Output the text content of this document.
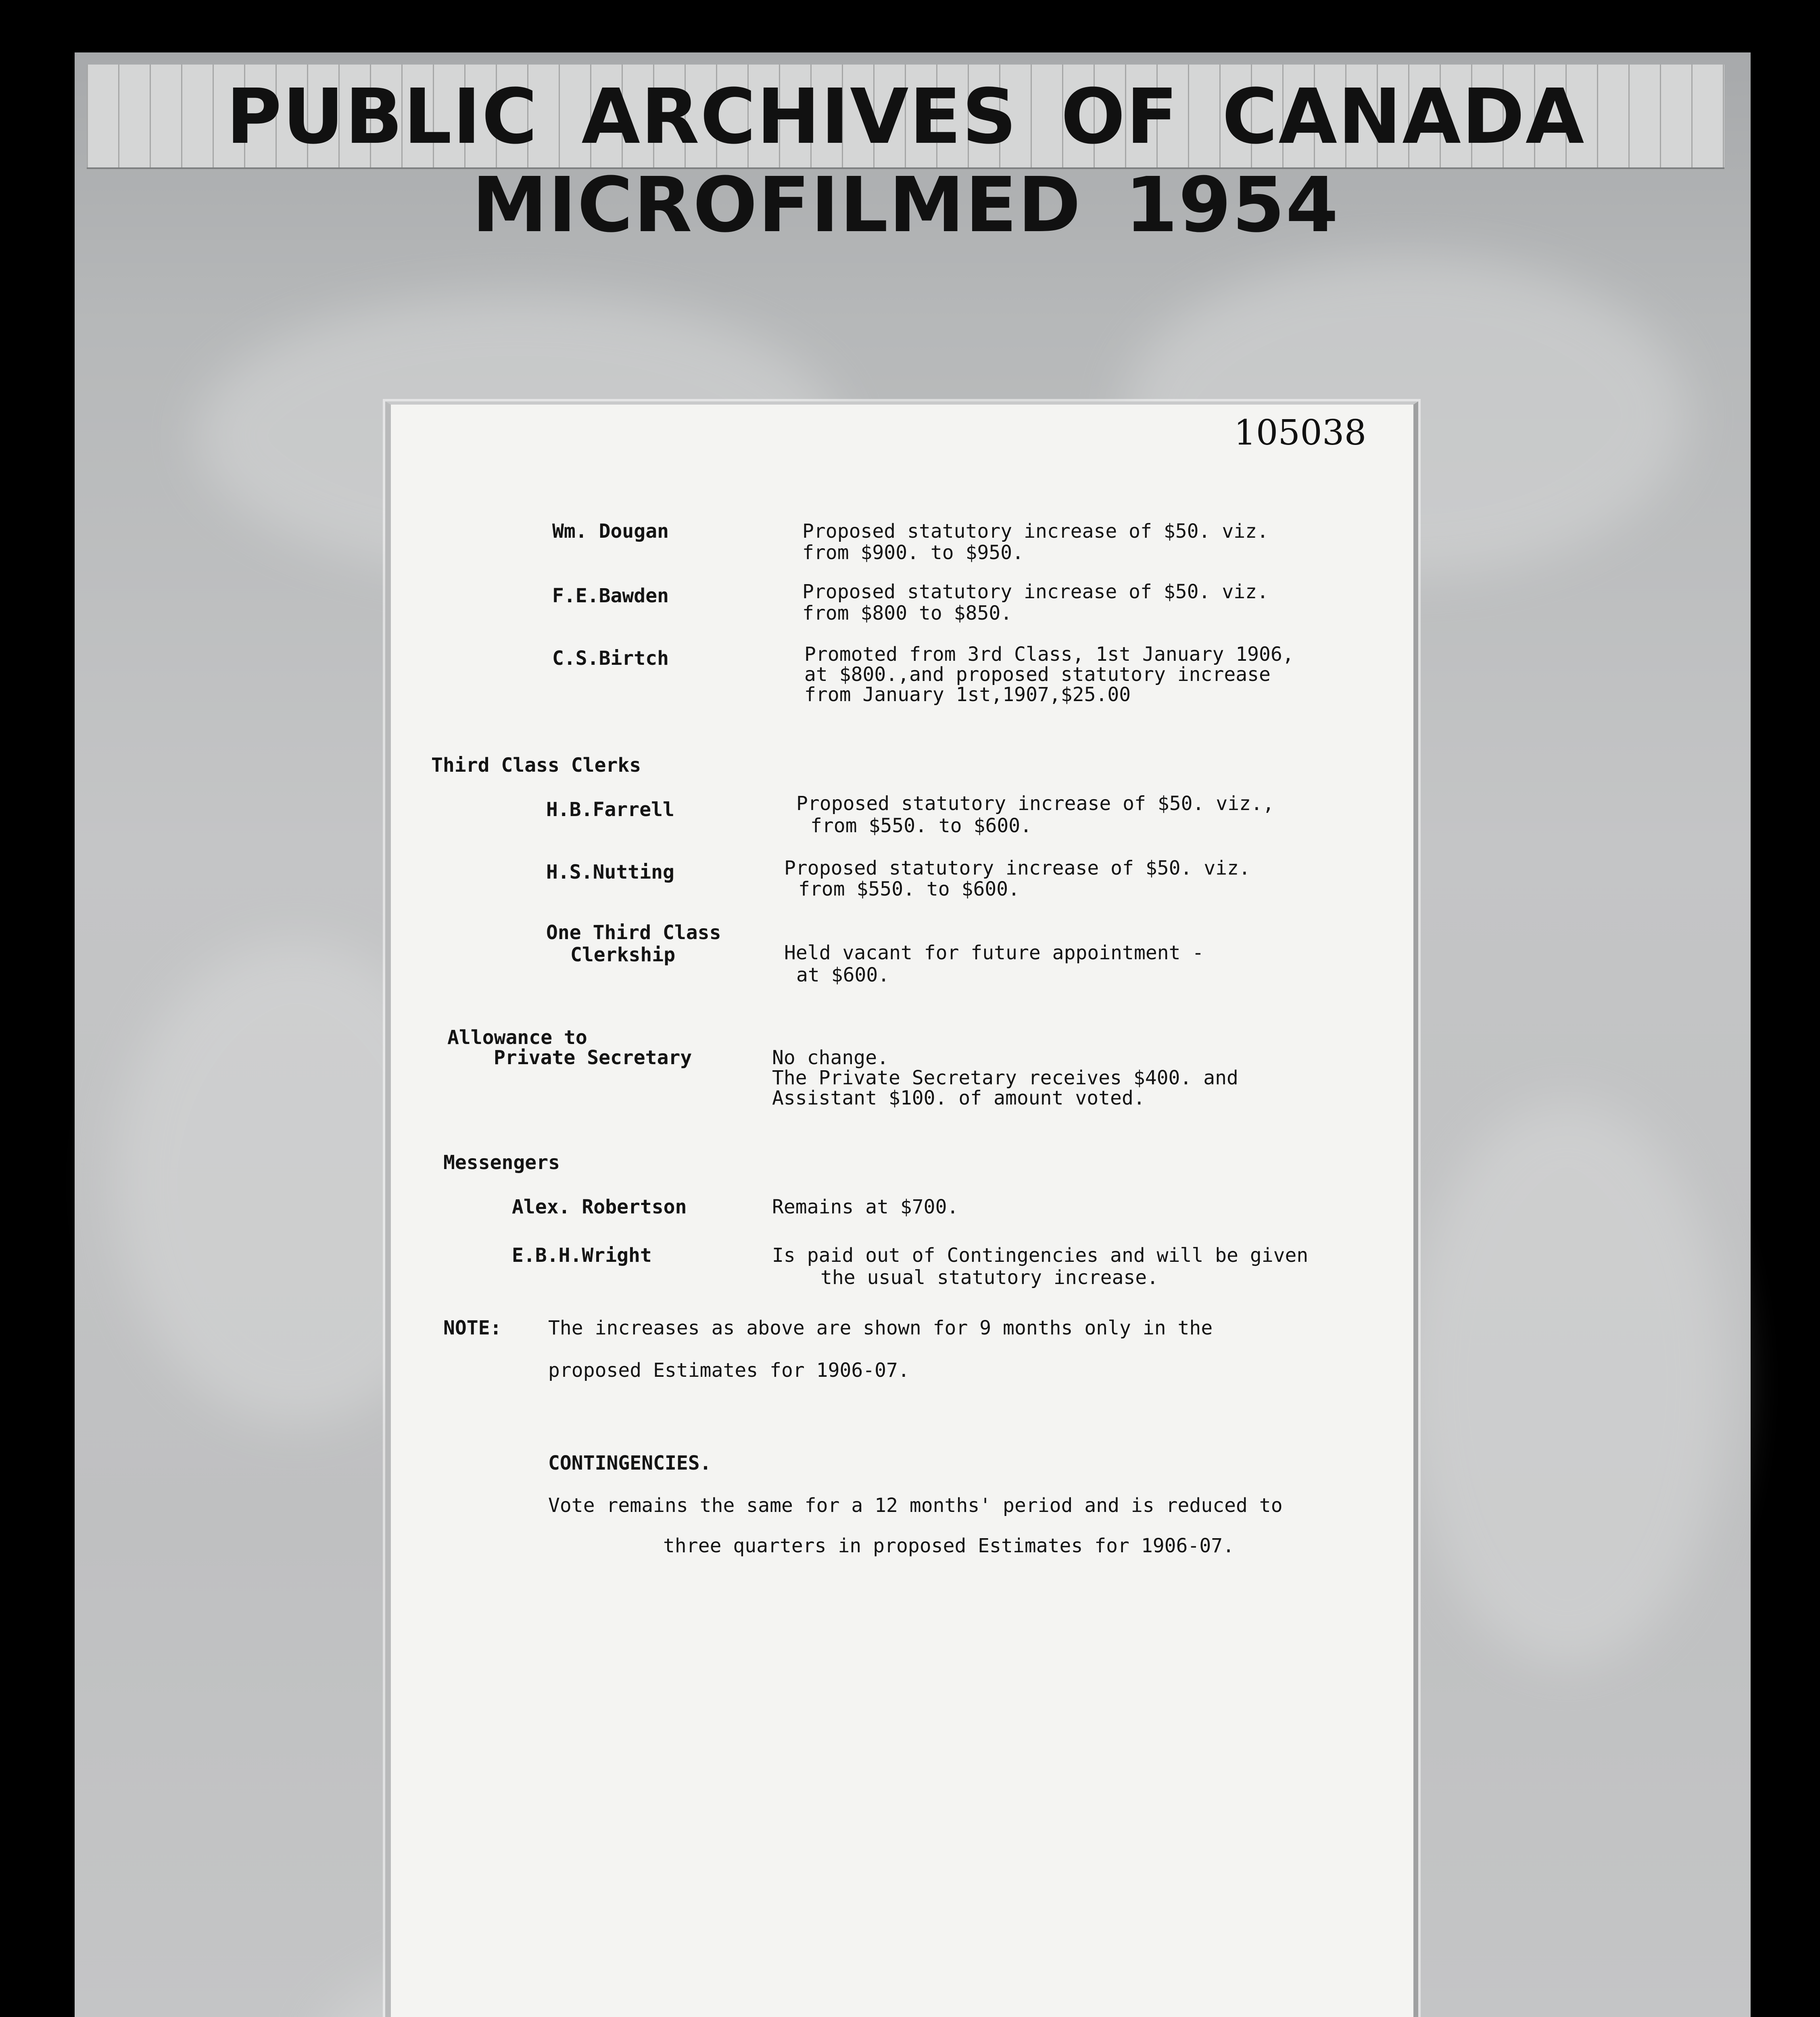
PUBLIC ARCHIVES OF CANADA MICROFILMED 1954
105038
Wm. Dougan	Proposed statutory increase of $50. viz.
from $900. to $950.
F.E.Bawden	Proposed statutory increase of $50. viz.
from $800 to $850.
C.S.Birtch	Promoted from 3rd Class, 1st January 1906,
at $800.,and proposed statutory increase
from January 1st,1907,$25.00
Third Class Clerks
H.B.Farrell	Proposed statutory increase of $50. viz.,
from $550. to $600.
H.S.Nutting	Proposed statutory increase of $50. viz.
from $550. to $600.
One Third Class
Clerkship	Held vacant for future appointment -
at $600.
Allowance to
Private Secretary	No change.
The Private Secretary receives $400. and
Assistant $100. of amount voted.
Messengers
Alex. Robertson	Remains at $700.
E.B.H.Wright	Is paid out of Contingencies and will be given
the usual statutory increase.
NOTE: The increases as above are shown for 9 months only in the
proposed Estimates for 1906-07.
CONTINGENCIES.
Vote remains the same for a 12 months' period and is reduced to
three quarters in proposed Estimates for 1906-07.
